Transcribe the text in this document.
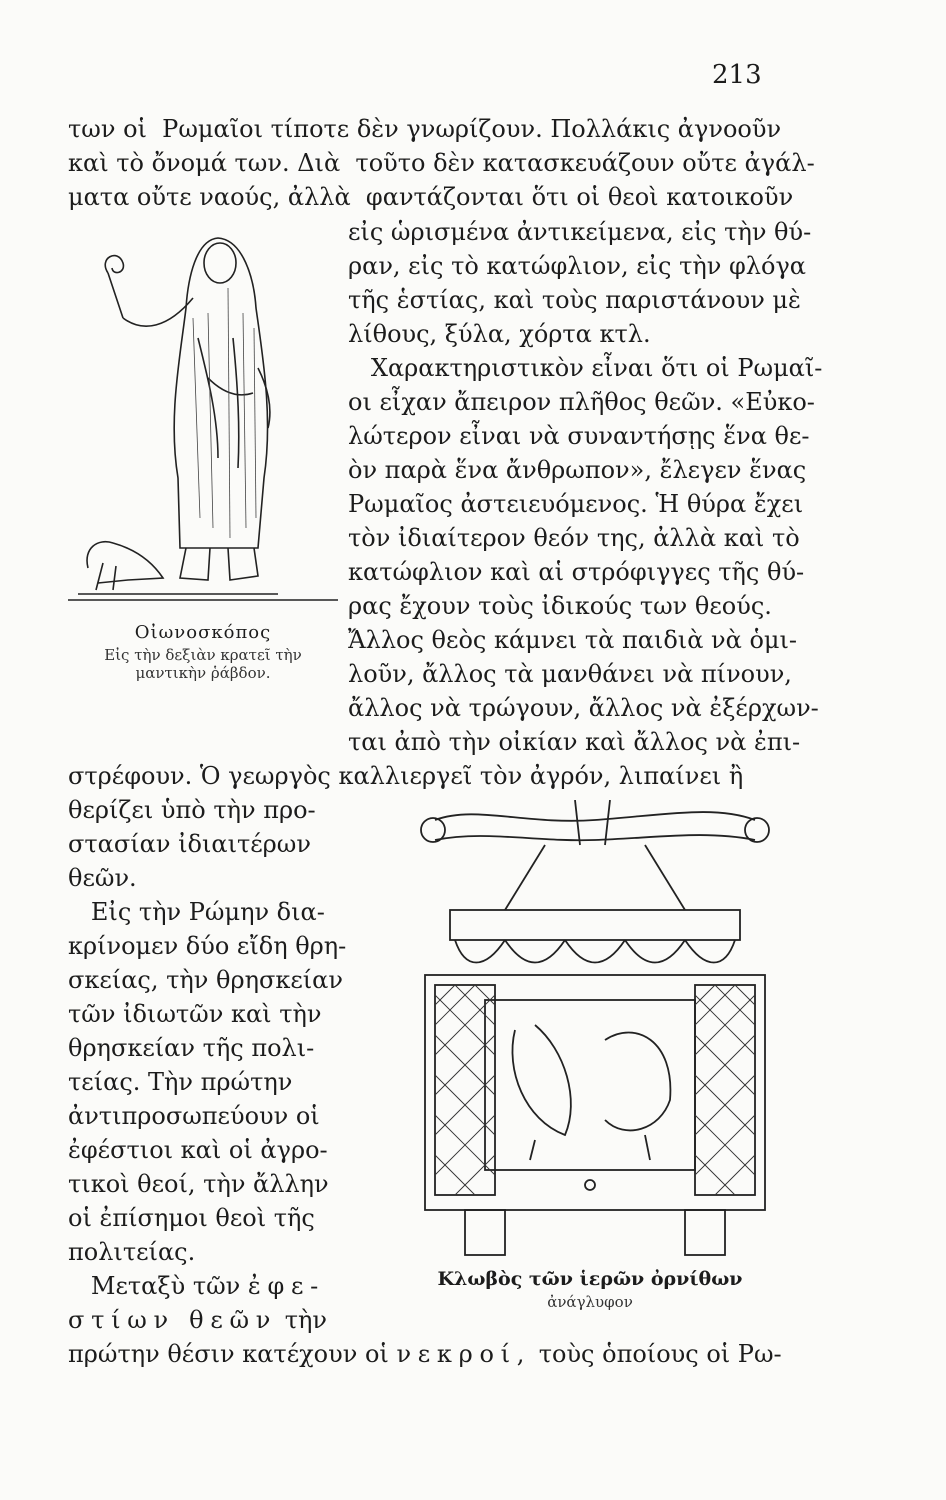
213
των οἱ  Ρωμαῖοι τίποτε δὲν γνωρίζουν. Πολλάκις ἀγνοοῦν
καὶ τὸ ὄνομά των. Διὰ  τοῦτο δὲν κατασκευάζουν οὔτε ἀγάλ-
ματα οὔτε ναούς, ἀλλὰ  φαντάζονται ὅτι οἱ θεοὶ κατοικοῦν
εἰς ὡρισμένα ἀντικείμενα, εἰς τὴν θύ-
ραν, εἰς τὸ κατώφλιον, εἰς τὴν φλόγα
τῆς ἑστίας, καὶ τοὺς παριστάνουν μὲ
λίθους, ξύλα, χόρτα κτλ.
Χαρακτηριστικὸν εἶναι ὅτι οἱ Ρωμαῖ-
οι εἶχαν ἄπειρον πλῆθος θεῶν. «Εὐκο-
λώτερον εἶναι νὰ συναντήσῃς ἕνα θε-
ὸν παρὰ ἕνα ἄνθρωπον», ἔλεγεν ἕνας
Ρωμαῖος ἀστειευόμενος. Ἡ θύρα ἔχει
τὸν ἰδιαίτερον θεόν της, ἀλλὰ καὶ τὸ
κατώφλιον καὶ αἱ στρόφιγγες τῆς θύ-
ρας ἔχουν τοὺς ἰδικούς των θεούς.
Ἄλλος θεὸς κάμνει τὰ παιδιὰ νὰ ὁμι-
λοῦν, ἄλλος τὰ μανθάνει νὰ πίνουν,
ἄλλος νὰ τρώγουν, ἄλλος νὰ ἐξέρχων-
ται ἀπὸ τὴν οἰκίαν καὶ ἄλλος νὰ ἐπι-
στρέφουν. Ὁ γεωργὸς καλλιεργεῖ τὸν ἀγρόν, λιπαίνει ἢ
θερίζει ὑπὸ τὴν προ-
στασίαν ἰδιαιτέρων
θεῶν.
Εἰς τὴν Ρώμην δια-
κρίνομεν δύο εἴδη θρη-
σκείας, τὴν θρησκείαν
τῶν ἰδιωτῶν καὶ τὴν
θρησκείαν τῆς πολι-
τείας. Τὴν πρώτην
ἀντιπροσωπεύουν οἱ
ἐφέστιοι καὶ οἱ ἀγρο-
τικοὶ θεοί, τὴν ἄλλην
οἱ ἐπίσημοι θεοὶ τῆς
πολιτείας.
Μεταξὺ τῶν ἐφε-
στίων θεῶν τὴν
πρώτην θέσιν κατέχουν οἱ νεκροί, τοὺς ὁποίους οἱ Ρω-
Οἰωνοσκόπος
Εἰς τὴν δεξιὰν κρατεῖ τὴν
μαντικὴν ῥάβδον.
Κλωβὸς τῶν ἱερῶν ὀρνίθων
ἀνάγλυφον
